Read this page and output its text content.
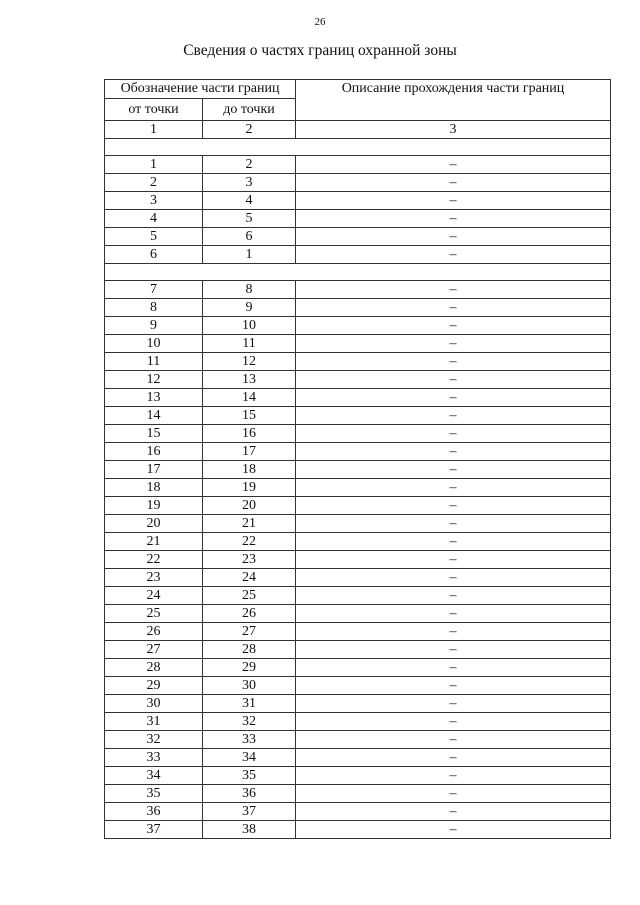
26
Сведения о частях границ охранной зоны
Обозначение части границ		Описание прохождения части границ
от точки	до точки	
1	2	3

1	2	–
2	3	–
3	4	–
4	5	–
5	6	–
6	1	–

7	8	–
8	9	–
9	10	–
10	11	–
11	12	–
12	13	–
13	14	–
14	15	–
15	16	–
16	17	–
17	18	–
18	19	–
19	20	–
20	21	–
21	22	–
22	23	–
23	24	–
24	25	–
25	26	–
26	27	–
27	28	–
28	29	–
29	30	–
30	31	–
31	32	–
32	33	–
33	34	–
34	35	–
35	36	–
36	37	–
37	38	–
